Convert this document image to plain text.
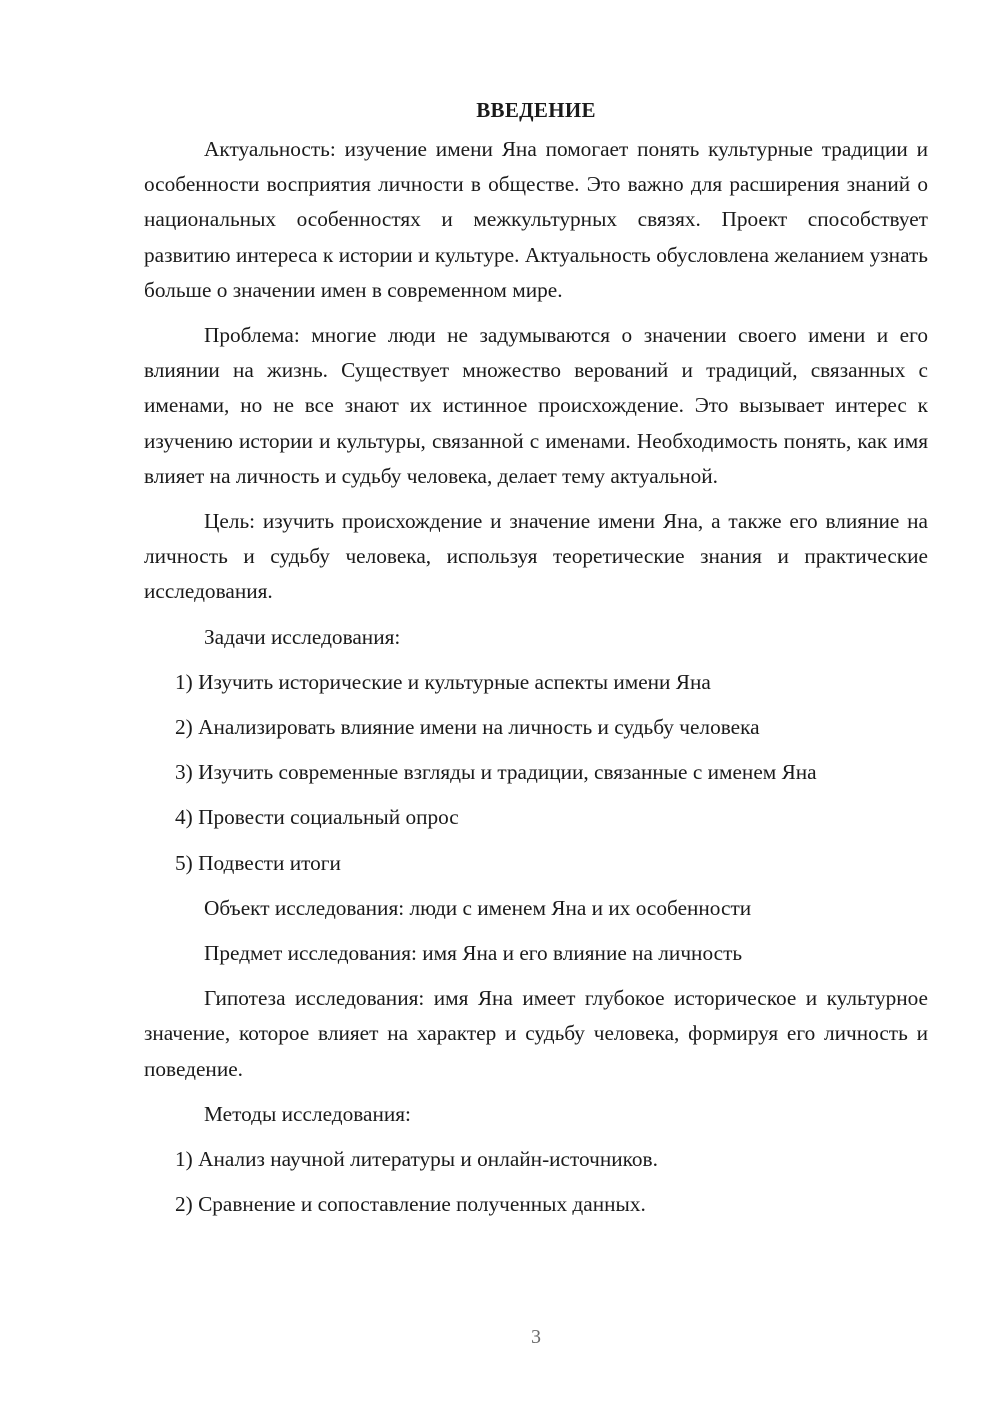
ВВЕДЕНИЕ

Актуальность: изучение имени Яна помогает понять культурные традиции и особенности восприятия личности в обществе. Это важно для расширения знаний о национальных особенностях и межкультурных связях. Проект способствует развитию интереса к истории и культуре. Актуальность обусловлена желанием узнать больше о значении имен в современном мире.

Проблема: многие люди не задумываются о значении своего имени и его влиянии на жизнь. Существует множество верований и традиций, связанных с именами, но не все знают их истинное происхождение. Это вызывает интерес к изучению истории и культуры, связанной с именами. Необходимость понять, как имя влияет на личность и судьбу человека, делает тему актуальной.

Цель: изучить происхождение и значение имени Яна, а также его влияние на личность и судьбу человека, используя теоретические знания и практические исследования.

Задачи исследования:
1) Изучить исторические и культурные аспекты имени Яна
2) Анализировать влияние имени на личность и судьбу человека
3) Изучить современные взгляды и традиции, связанные с именем Яна
4) Провести социальный опрос
5) Подвести итоги
Объект исследования: люди с именем Яна и их особенности
Предмет исследования: имя Яна и его влияние на личность

Гипотеза исследования: имя Яна имеет глубокое историческое и культурное значение, которое влияет на характер и судьбу человека, формируя его личность и поведение.

Методы исследования:
1) Анализ научной литературы и онлайн-источников.
2) Сравнение и сопоставление полученных данных.
3
